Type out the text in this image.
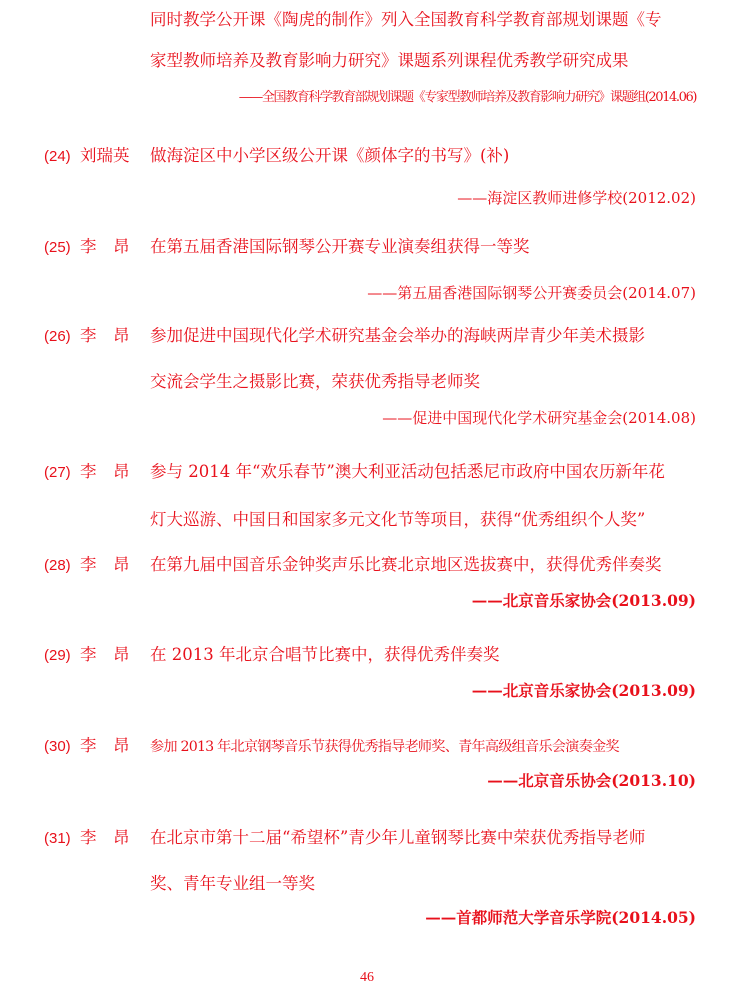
同时教学公开课《陶虎的制作》列入全国教育科学教育部规划课题《专
家型教师培养及教育影响力研究》课题系列课程优秀教学研究成果
——全国教育科学教育部规划课题《专家型教师培养及教育影响力研究》课题组(2014.06)
(24) 刘瑞英 做海淀区中小学区级公开课《颜体字的书写》(补)
——海淀区教师进修学校(2012.02)
(25) 李　昂 在第五届香港国际钢琴公开赛专业演奏组获得一等奖
——第五届香港国际钢琴公开赛委员会(2014.07)
(26) 李　昂 参加促进中国现代化学术研究基金会举办的海峡两岸青少年美术摄影
交流会学生之摄影比赛，荣获优秀指导老师奖
——促进中国现代化学术研究基金会(2014.08)
(27) 李　昂 参与 2014 年“欢乐春节”澳大利亚活动包括悉尼市政府中国农历新年花
灯大巡游、中国日和国家多元文化节等项目，获得“优秀组织个人奖”
(28) 李　昂 在第九届中国音乐金钟奖声乐比赛北京地区选拔赛中，获得优秀伴奏奖
——北京音乐家协会(2013.09)
(29) 李　昂 在 2013 年北京合唱节比赛中，获得优秀伴奏奖
——北京音乐家协会(2013.09)
(30) 李　昂 参加 2013 年北京钢琴音乐节获得优秀指导老师奖、青年高级组音乐会演奏金奖
——北京音乐协会(2013.10)
(31) 李　昂 在北京市第十二届“希望杯”青少年儿童钢琴比赛中荣获优秀指导老师
奖、青年专业组一等奖
——首都师范大学音乐学院(2014.05)
46
